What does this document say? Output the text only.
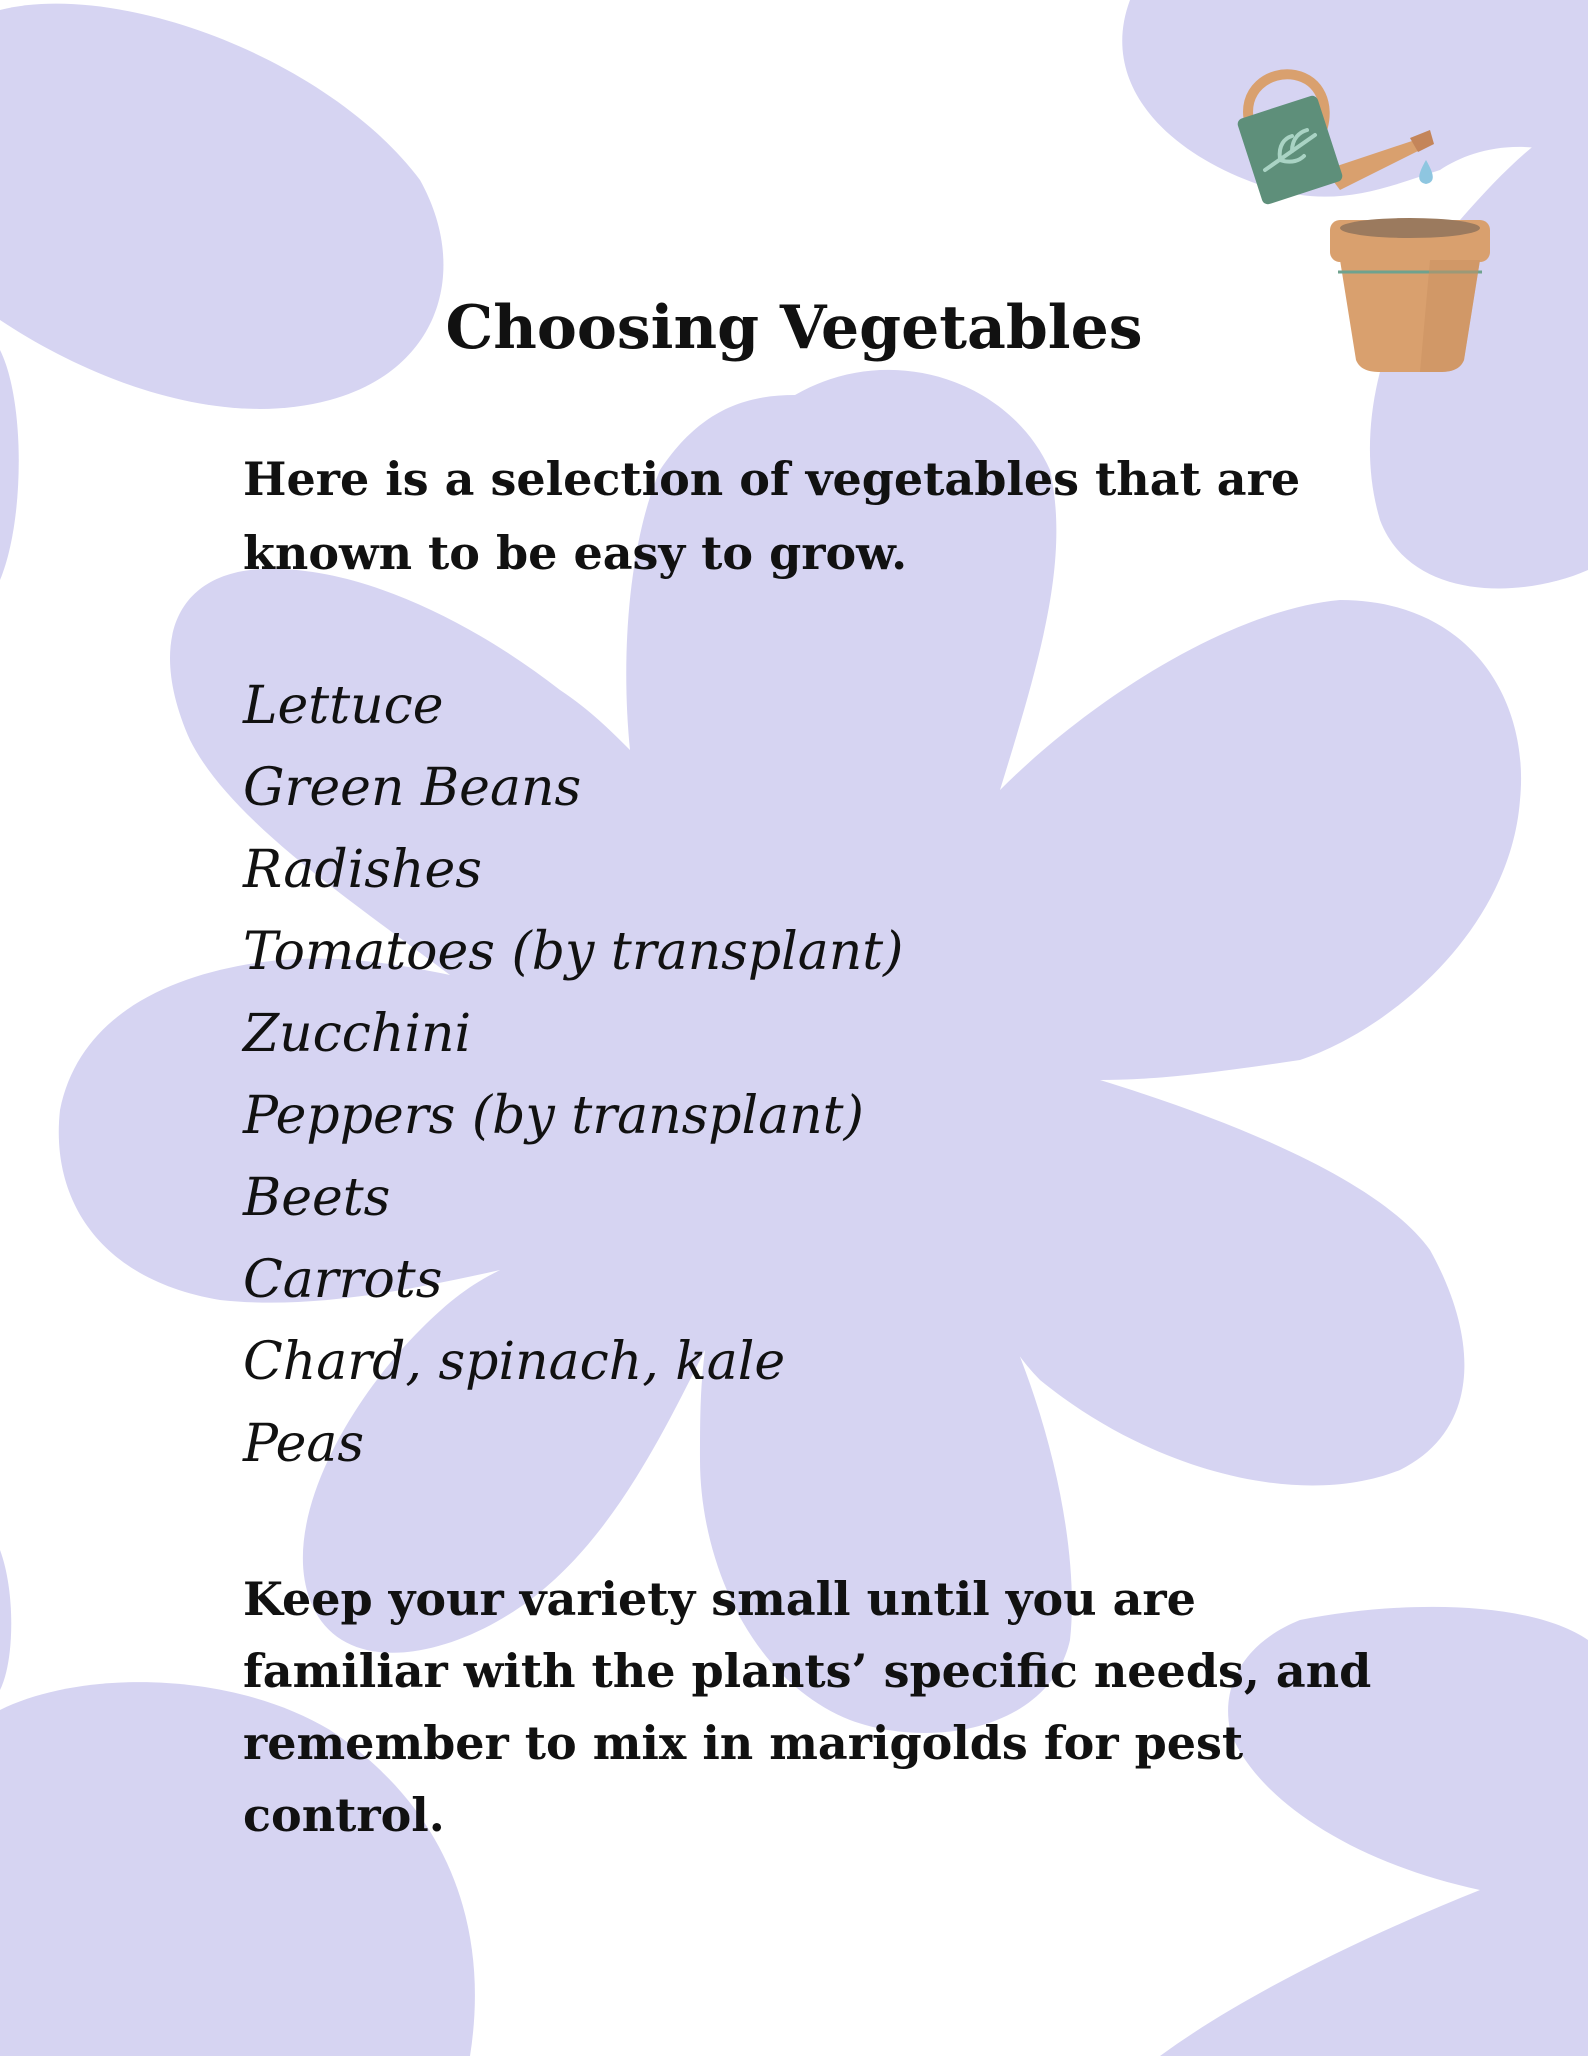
Choosing Vegetables

Here is a selection of vegetables that are known to be easy to grow.

Lettuce
Green Beans
Radishes
Tomatoes (by transplant)
Zucchini
Peppers (by transplant)
Beets
Carrots
Chard, spinach, kale
Peas

Keep your variety small until you are familiar with the plants’ specific needs, and remember to mix in marigolds for pest control.
